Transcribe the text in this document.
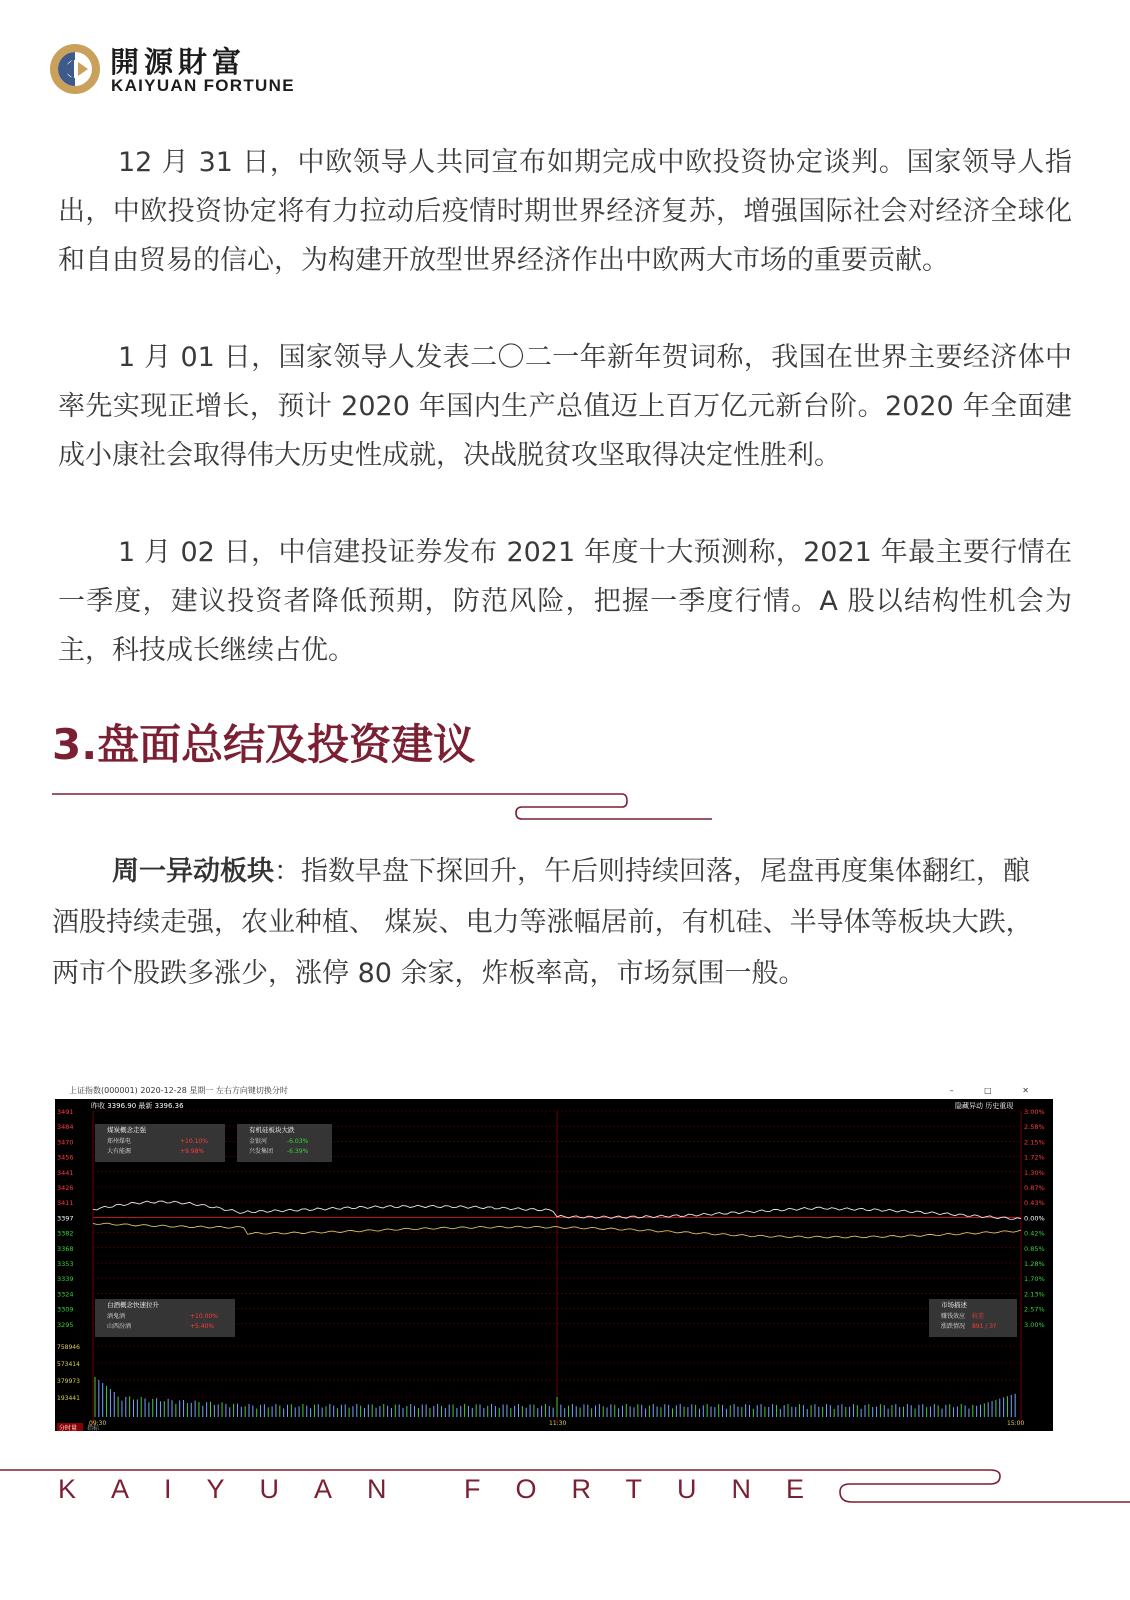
開源財富
KAIYUAN FORTUNE

12 月 31 日，中欧领导人共同宣布如期完成中欧投资协定谈判。国家领导人指出，中欧投资协定将有力拉动后疫情时期世界经济复苏，增强国际社会对经济全球化和自由贸易的信心，为构建开放型世界经济作出中欧两大市场的重要贡献。

1 月 01 日，国家领导人发表二〇二一年新年贺词称，我国在世界主要经济体中率先实现正增长，预计 2020 年国内生产总值迈上百万亿元新台阶。2020 年全面建成小康社会取得伟大历史性成就，决战脱贫攻坚取得决定性胜利。

1 月 02 日，中信建投证券发布 2021 年度十大预测称，2021 年最主要行情在一季度，建议投资者降低预期，防范风险，把握一季度行情。A 股以结构性机会为主，科技成长继续占优。

3.盘面总结及投资建议

周一异动板块：指数早盘下探回升，午后则持续回落，尾盘再度集体翻红，酿酒股持续走强，农业种植、 煤炭、电力等涨幅居前，有机硅、半导体等板块大跌，两市个股跌多涨少，涨停 80 余家，炸板率高，市场氛围一般。

上证指数(000001) 2020-12-28 星期一 左右方向键切换分时	– □ ✕
昨收 3396.90 最新 3396.36	隐藏异动 历史重现
3491
3484
3470
3456
3441
3426
3411
3397
3382
3368
3353
3339
3324
3309
3295
3.00%
2.58%
2.15%
1.72%
1.30%
0.87%
0.43%
0.00%
0.42%
0.85%
1.28%
1.70%
2.13%
2.57%
3.00%
煤炭概念走强
郑州煤电	+10.10%
大有能源	+9.98%
有机硅板块大跌
金银河	-6.03%
兴发集团 -6.39%
白酒概念快速拉升
酒鬼酒	+10.00%
山西汾酒	+5.40%
市场描述
赚钱效应 较差
涨跌情况 891 / 3?
758946
573414
379973
193441
09:30	11:30	15:00
分时量 指标
KAIYUAN FORTUNE
